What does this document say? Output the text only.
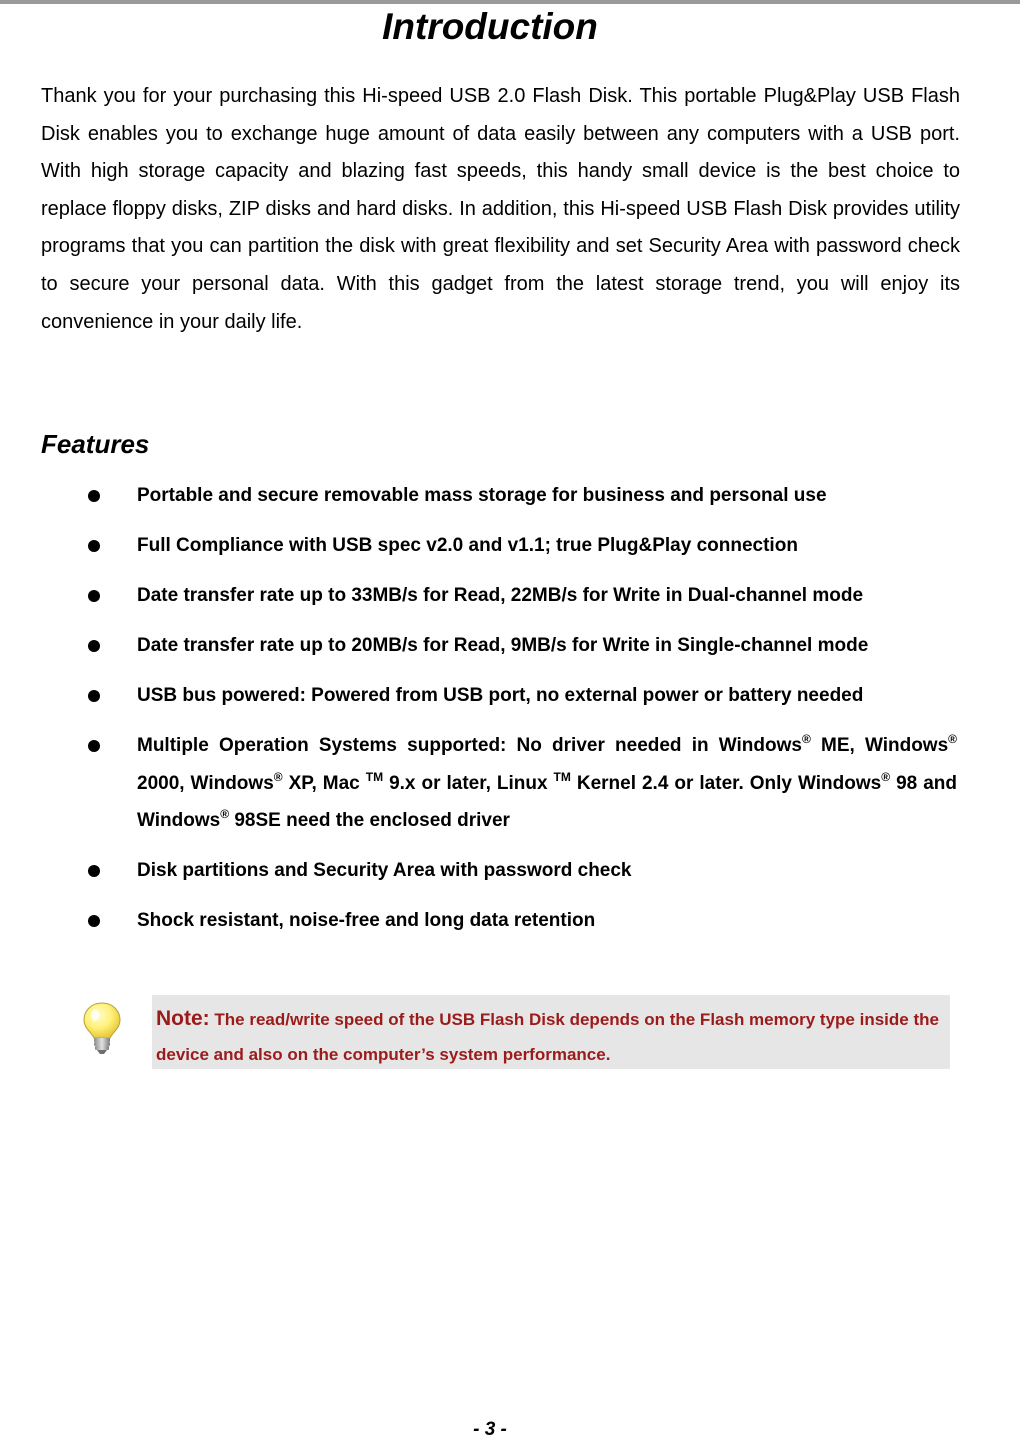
Introduction

Thank you for your purchasing this Hi-speed USB 2.0 Flash Disk. This portable Plug&Play USB Flash Disk enables you to exchange huge amount of data easily between any computers with a USB port. With high storage capacity and blazing fast speeds, this handy small device is the best choice to replace floppy disks, ZIP disks and hard disks. In addition, this Hi-speed USB Flash Disk provides utility programs that you can partition the disk with great flexibility and set Security Area with password check to secure your personal data. With this gadget from the latest storage trend, you will enjoy its convenience in your daily life.

Features
Portable and secure removable mass storage for business and personal use
Full Compliance with USB spec v2.0 and v1.1; true Plug&Play connection
Date transfer rate up to 33MB/s for Read, 22MB/s for Write in Dual-channel mode
Date transfer rate up to 20MB/s for Read, 9MB/s for Write in Single-channel mode
USB bus powered: Powered from USB port, no external power or battery needed
Multiple Operation Systems supported: No driver needed in Windows® ME, Windows® 2000, Windows® XP, Mac ™ 9.x or later, Linux ™ Kernel 2.4 or later. Only Windows® 98 and Windows® 98SE need the enclosed driver
Disk partitions and Security Area with password check
Shock resistant, noise-free and long data retention
Note: The read/write speed of the USB Flash Disk depends on the Flash memory type inside the device and also on the computer’s system performance.
- 3 -
